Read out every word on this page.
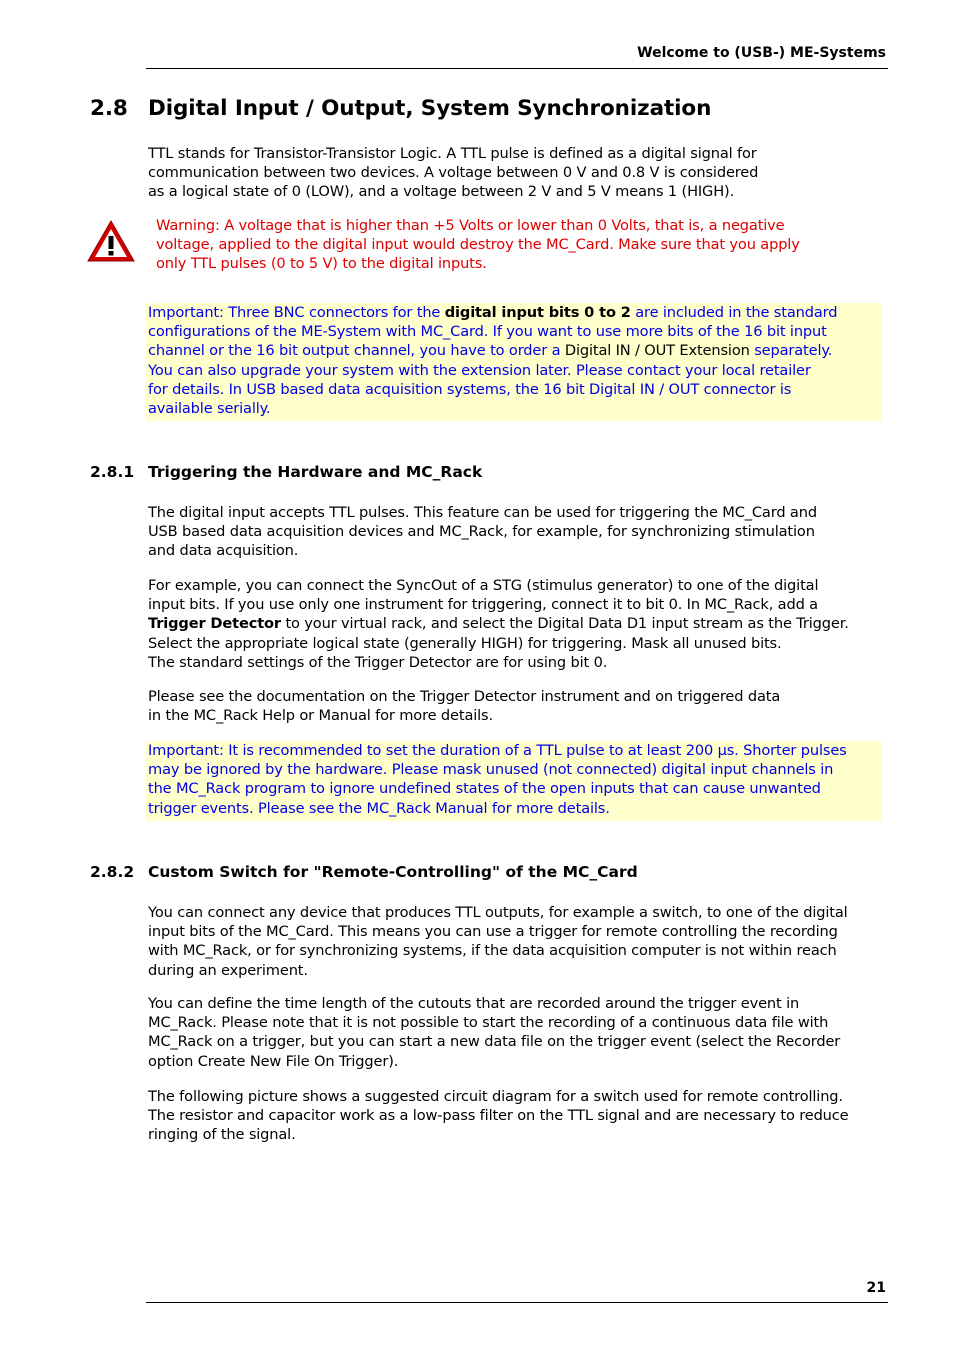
Welcome to (USB-) ME-Systems
2.8 Digital Input / Output, System Synchronization

TTL stands for Transistor-Transistor Logic. A TTL pulse is defined as a digital signal for

communication between two devices. A voltage between 0 V and 0.8 V is considered

as a logical state of 0 (LOW), and a voltage between 2 V and 5 V means 1 (HIGH).

Warning: A voltage that is higher than +5 Volts or lower than 0 Volts, that is, a negative
voltage, applied to the digital input would destroy the MC_Card. Make sure that you apply
only TTL pulses (0 to 5 V) to the digital inputs.
Important: Three BNC connectors for the digital input bits 0 to 2 are included in the standard
configurations of the ME-System with MC_Card. If you want to use more bits of the 16 bit input
channel or the 16 bit output channel, you have to order a Digital IN / OUT Extension separately.
You can also upgrade your system with the extension later. Please contact your local retailer
for details. In USB based data acquisition systems, the 16 bit Digital IN / OUT connector is
available serially.
2.8.1 Triggering the Hardware and MC_Rack

The digital input accepts TTL pulses. This feature can be used for triggering the MC_Card and

USB based data acquisition devices and MC_Rack, for example, for synchronizing stimulation

and data acquisition.

For example, you can connect the SyncOut of a STG (stimulus generator) to one of the digital

input bits. If you use only one instrument for triggering, connect it to bit 0. In MC_Rack, add a

Trigger Detector to your virtual rack, and select the Digital Data D1 input stream as the Trigger.

Select the appropriate logical state (generally HIGH) for triggering. Mask all unused bits.

The standard settings of the Trigger Detector are for using bit 0.

Please see the documentation on the Trigger Detector instrument and on triggered data

in the MC_Rack Help or Manual for more details.

Important: It is recommended to set the duration of a TTL pulse to at least 200 µs. Shorter pulses
may be ignored by the hardware. Please mask unused (not connected) digital input channels in
the MC_Rack program to ignore undefined states of the open inputs that can cause unwanted
trigger events. Please see the MC_Rack Manual for more details.
2.8.2 Custom Switch for "Remote-Controlling" of the MC_Card

You can connect any device that produces TTL outputs, for example a switch, to one of the digital

input bits of the MC_Card. This means you can use a trigger for remote controlling the recording

with MC_Rack, or for synchronizing systems, if the data acquisition computer is not within reach

during an experiment.

You can define the time length of the cutouts that are recorded around the trigger event in

MC_Rack. Please note that it is not possible to start the recording of a continuous data file with

MC_Rack on a trigger, but you can start a new data file on the trigger event (select the Recorder

option Create New File On Trigger).

The following picture shows a suggested circuit diagram for a switch used for remote controlling.

The resistor and capacitor work as a low-pass filter on the TTL signal and are necessary to reduce

ringing of the signal.

21
